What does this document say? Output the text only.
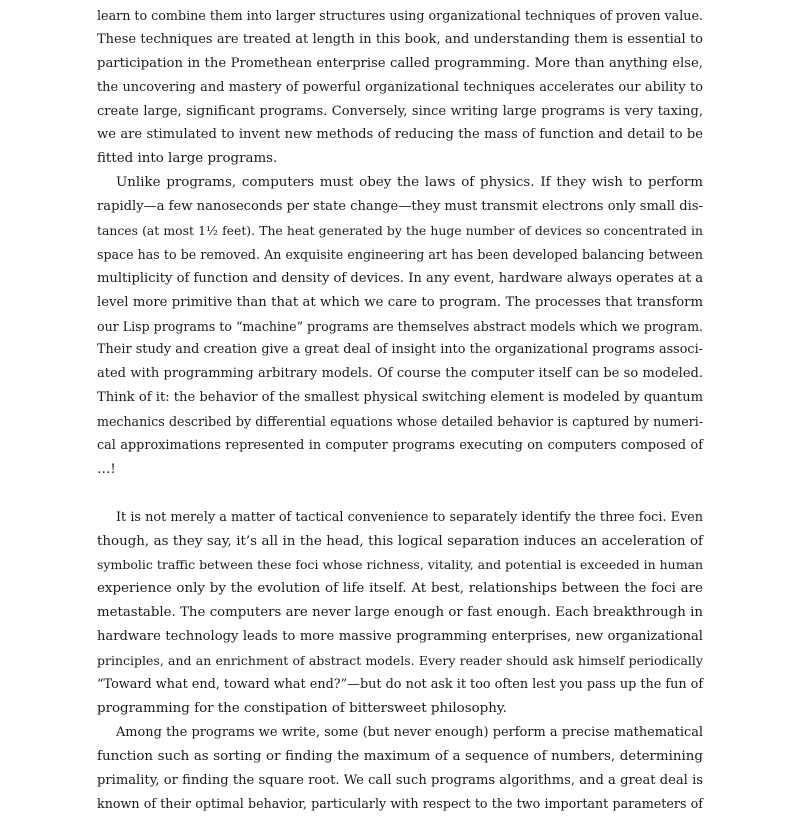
learn to combine them into larger structures using organizational techniques of proven value.
These techniques are treated at length in this book, and understanding them is essential to
participation in the Promethean enterprise called programming. More than anything else,
the uncovering and mastery of powerful organizational techniques accelerates our ability to
create large, significant programs. Conversely, since writing large programs is very taxing,
we are stimulated to invent new methods of reducing the mass of function and detail to be
fitted into large programs.

Unlike programs, computers must obey the laws of physics. If they wish to perform
rapidly—a few nanoseconds per state change—they must transmit electrons only small dis-
tances (at most 1½ feet). The heat generated by the huge number of devices so concentrated in
space has to be removed. An exquisite engineering art has been developed balancing between
multiplicity of function and density of devices. In any event, hardware always operates at a
level more primitive than that at which we care to program. The processes that transform
our Lisp programs to “machine” programs are themselves abstract models which we program.
Their study and creation give a great deal of insight into the organizational programs associ-
ated with programming arbitrary models. Of course the computer itself can be so modeled.
Think of it: the behavior of the smallest physical switching element is modeled by quantum
mechanics described by differential equations whose detailed behavior is captured by numeri-
cal approximations represented in computer programs executing on computers composed of
…!

It is not merely a matter of tactical convenience to separately identify the three foci. Even
though, as they say, it’s all in the head, this logical separation induces an acceleration of
symbolic traffic between these foci whose richness, vitality, and potential is exceeded in human
experience only by the evolution of life itself. At best, relationships between the foci are
metastable. The computers are never large enough or fast enough. Each breakthrough in
hardware technology leads to more massive programming enterprises, new organizational
principles, and an enrichment of abstract models. Every reader should ask himself periodically
“Toward what end, toward what end?”—but do not ask it too often lest you pass up the fun of
programming for the constipation of bittersweet philosophy.

Among the programs we write, some (but never enough) perform a precise mathematical
function such as sorting or finding the maximum of a sequence of numbers, determining
primality, or finding the square root. We call such programs algorithms, and a great deal is
known of their optimal behavior, particularly with respect to the two important parameters of
